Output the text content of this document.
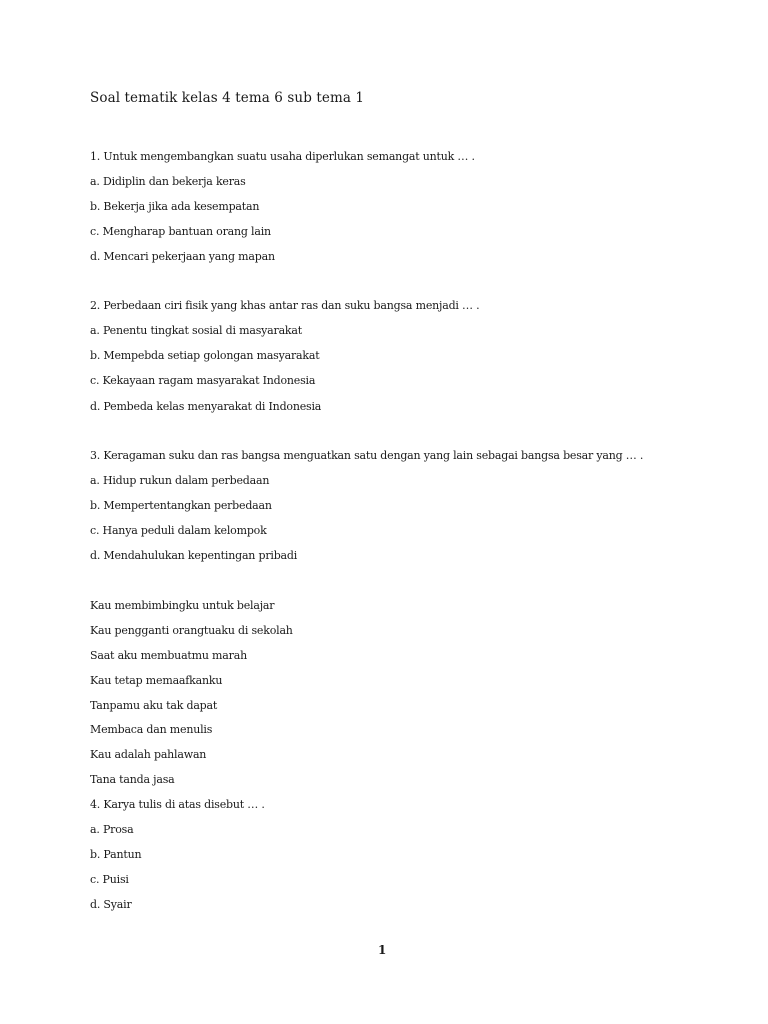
Soal tematik kelas 4 tema 6 sub tema 1
1. Untuk mengembangkan suatu usaha diperlukan semangat untuk … .
a. Didiplin dan bekerja keras
b. Bekerja jika ada kesempatan
c. Mengharap bantuan orang lain
d. Mencari pekerjaan yang mapan
2. Perbedaan ciri fisik yang khas antar ras dan suku bangsa menjadi … .
a. Penentu tingkat sosial di masyarakat
b. Mempebda setiap golongan masyarakat
c. Kekayaan ragam masyarakat Indonesia
d. Pembeda kelas menyarakat di Indonesia
3. Keragaman suku dan ras bangsa menguatkan satu dengan yang lain sebagai bangsa besar yang … .
a. Hidup rukun dalam perbedaan
b. Mempertentangkan perbedaan
c. Hanya peduli dalam kelompok
d. Mendahulukan kepentingan pribadi
Kau membimbingku untuk belajar
Kau pengganti orangtuaku di sekolah
Saat aku membuatmu marah
Kau tetap memaafkanku
Tanpamu aku tak dapat
Membaca dan menulis
Kau adalah pahlawan
Tana tanda jasa
4. Karya tulis di atas disebut … .
a. Prosa
b. Pantun
c. Puisi
d. Syair
1
